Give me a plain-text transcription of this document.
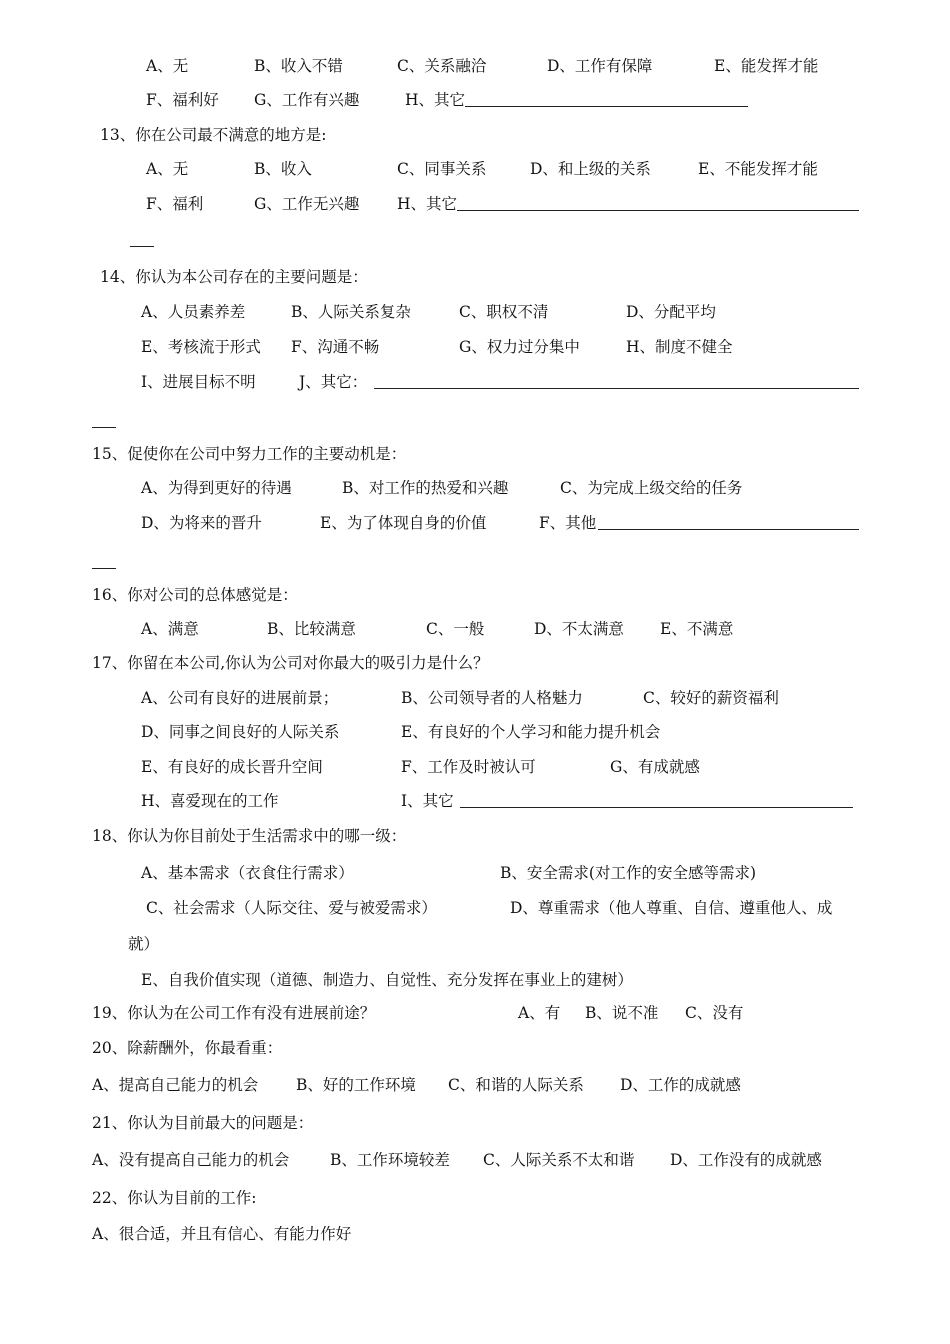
A、无	B、收入不错	C、关系融洽	D、工作有保障	E、能发挥才能
F、福利好 G、工作有兴趣	H、其它
13、你在公司最不满意的地方是:
A、无	B、收入	C、同事关系	D、和上级的关系	E、不能发挥才能
F、福利	G、工作无兴趣 H、其它
14、你认为本公司存在的主要问题是：
A、人员素养差	B、人际关系复杂	C、职权不清	D、分配平均
E、考核流于形式 F、沟通不畅	G、权力过分集中	H、制度不健全
I、进展目标不明	J、其它：
15、促使你在公司中努力工作的主要动机是：
A、为得到更好的待遇	B、对工作的热爱和兴趣	C、为完成上级交给的任务
D、为将来的晋升	E、为了体现自身的价值	F、其他
16、你对公司的总体感觉是：
A、满意	B、比较满意	C、一般	D、不太满意 E、不满意
17、你留在本公司,你认为公司对你最大的吸引力是什么？
A、公司有良好的进展前景；	B、公司领导者的人格魅力	C、较好的薪资福利
D、同事之间良好的人际关系	E、有良好的个人学习和能力提升机会
E、有良好的成长晋升空间	F、工作及时被认可	G、有成就感
H、喜爱现在的工作	I、其它
18、你认为你目前处于生活需求中的哪一级：
A、基本需求（衣食住行需求）	B、安全需求(对工作的安全感等需求)
C、社会需求（人际交往、爱与被爱需求）	D、尊重需求（他人尊重、自信、遵重他人、成
就）
E、自我价值实现（道德、制造力、自觉性、充分发挥在事业上的建树）
19、你认为在公司工作有没有进展前途？	A、有 B、说不准 C、没有
20、除薪酬外，你最看重：
A、提高自己能力的机会 B、好的工作环境 C、和谐的人际关系 D、工作的成就感
21、你认为目前最大的问题是：
A、没有提高自己能力的机会	B、工作环境较差 C、人际关系不太和谐 D、工作没有的成就感
22、你认为目前的工作:
A、很合适，并且有信心、有能力作好
